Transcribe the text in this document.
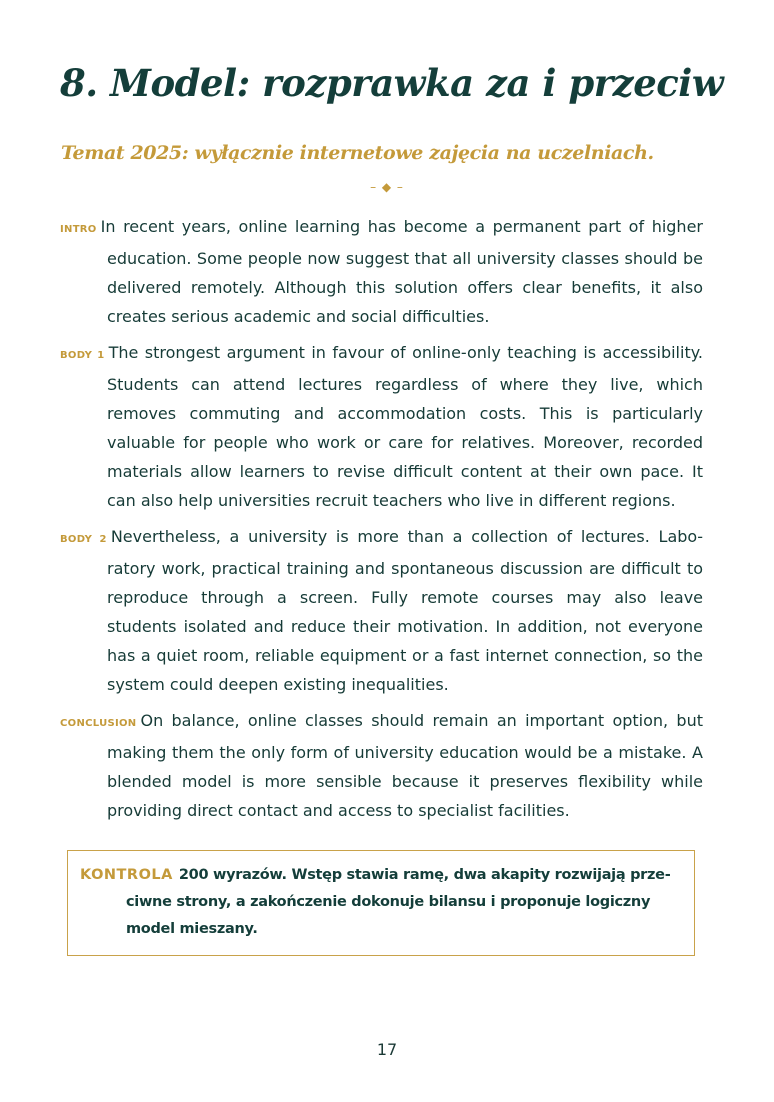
8. Model: rozprawka za i przeciw

Temat 2025: wyłącznie internetowe zajęcia na uczelniach.

– ◆ –

INTRO In recent years, online learning has become a permanent part of higher education. Some people now suggest that all university classes should be delivered remotely. Although this solution offers clear benefits, it also creates serious academic and social difficulties.

BODY 1 The strongest argument in favour of online-only teaching is accessibility. Students can attend lectures regardless of where they live, which removes commuting and accommodation costs. This is particularly valuable for people who work or care for relatives. Moreover, recorded materials allow learners to revise difficult content at their own pace. It can also help universities recruit teachers who live in different regions.

BODY 2 Nevertheless, a university is more than a collection of lectures. Laboratory work, practical training and spontaneous discussion are difficult to reproduce through a screen. Fully remote courses may also leave students isolated and reduce their motivation. In addition, not everyone has a quiet room, reliable equipment or a fast internet connection, so the system could deepen existing inequalities.

CONCLUSION On balance, online classes should remain an important option, but making them the only form of university education would be a mistake. A blended model is more sensible because it preserves flexibility while providing direct contact and access to specialist facilities.

KONTROLA 200 wyrazów. Wstęp stawia ramę, dwa akapity rozwijają przeciwne strony, a zakończenie dokonuje bilansu i proponuje logiczny model mieszany.

17
